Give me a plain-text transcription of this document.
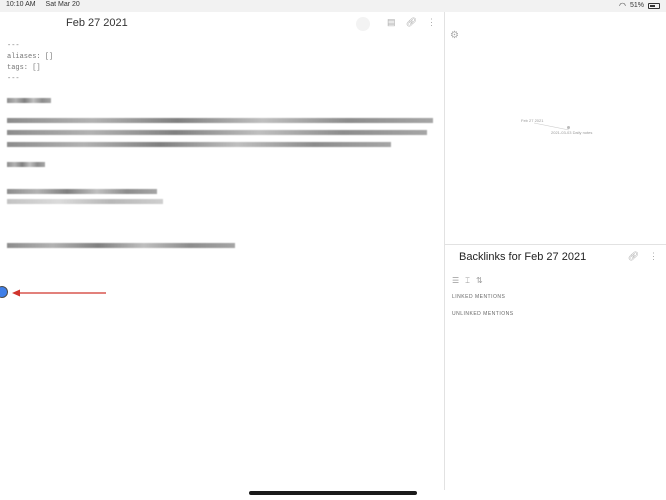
10:10 AM Sat Mar 20	◠ 51%
Feb 27 2021	▤ 🔗︎ ⋮
---
aliases: []
tags: []
---
⚙
Feb 27 2021
2021-03-03 Daily notes
Backlinks for Feb 27 2021	🔗︎ ⋮
☰ ⌶ ⇅
LINKED MENTIONS
UNLINKED MENTIONS
